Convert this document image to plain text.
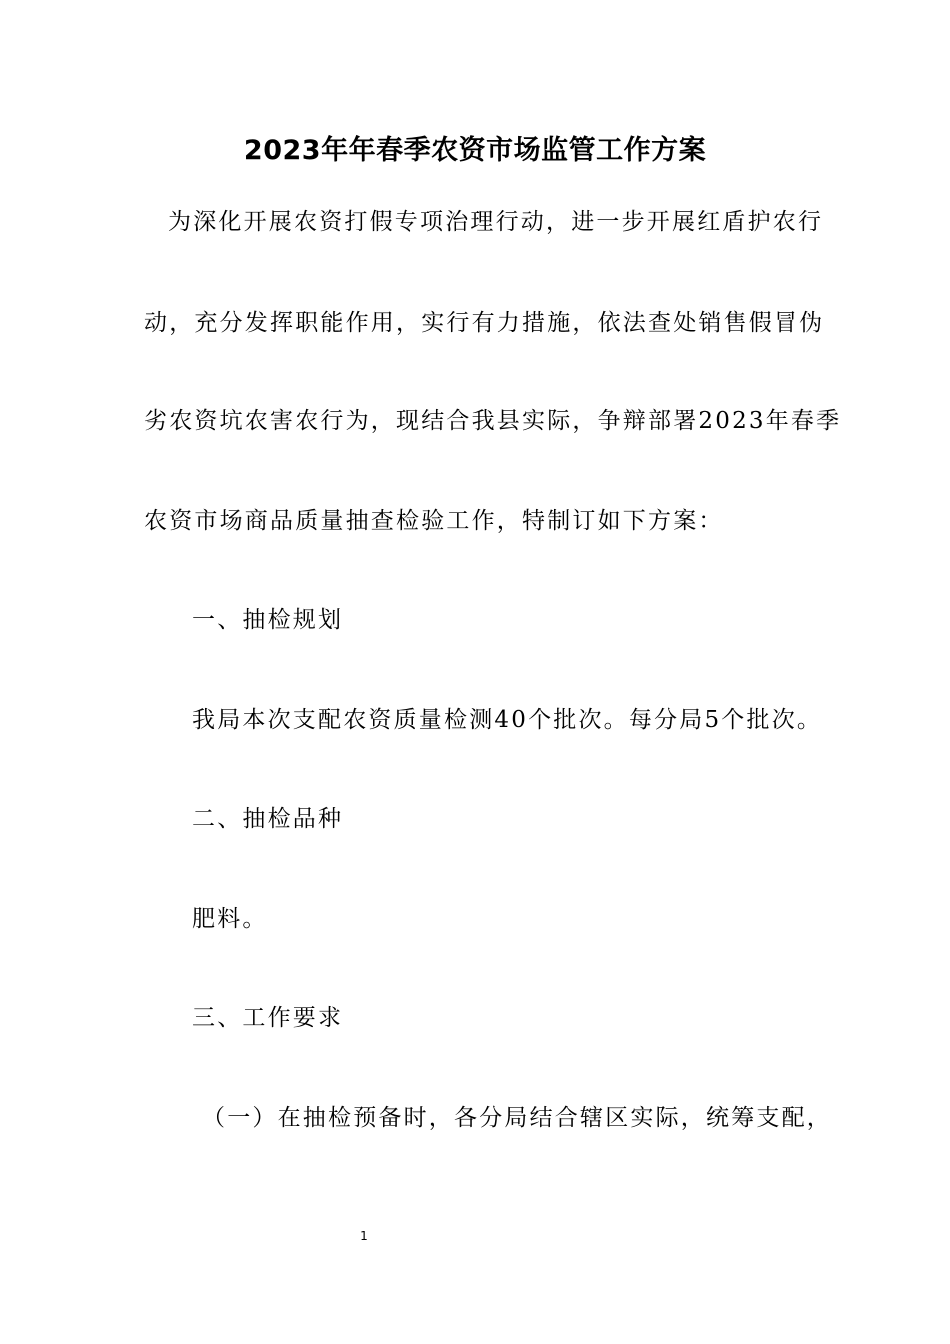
2023年年春季农资市场监管工作方案
为深化开展农资打假专项治理行动，进一步开展红盾护农行
动，充分发挥职能作用，实行有力措施，依法查处销售假冒伪
劣农资坑农害农行为，现结合我县实际，争辩部署2023年春季
农资市场商品质量抽查检验工作，特制订如下方案：
一、抽检规划
我局本次支配农资质量检测40个批次。每分局5个批次。
二、抽检品种
肥料。
三、工作要求
（一）在抽检预备时，各分局结合辖区实际，统筹支配，
1
